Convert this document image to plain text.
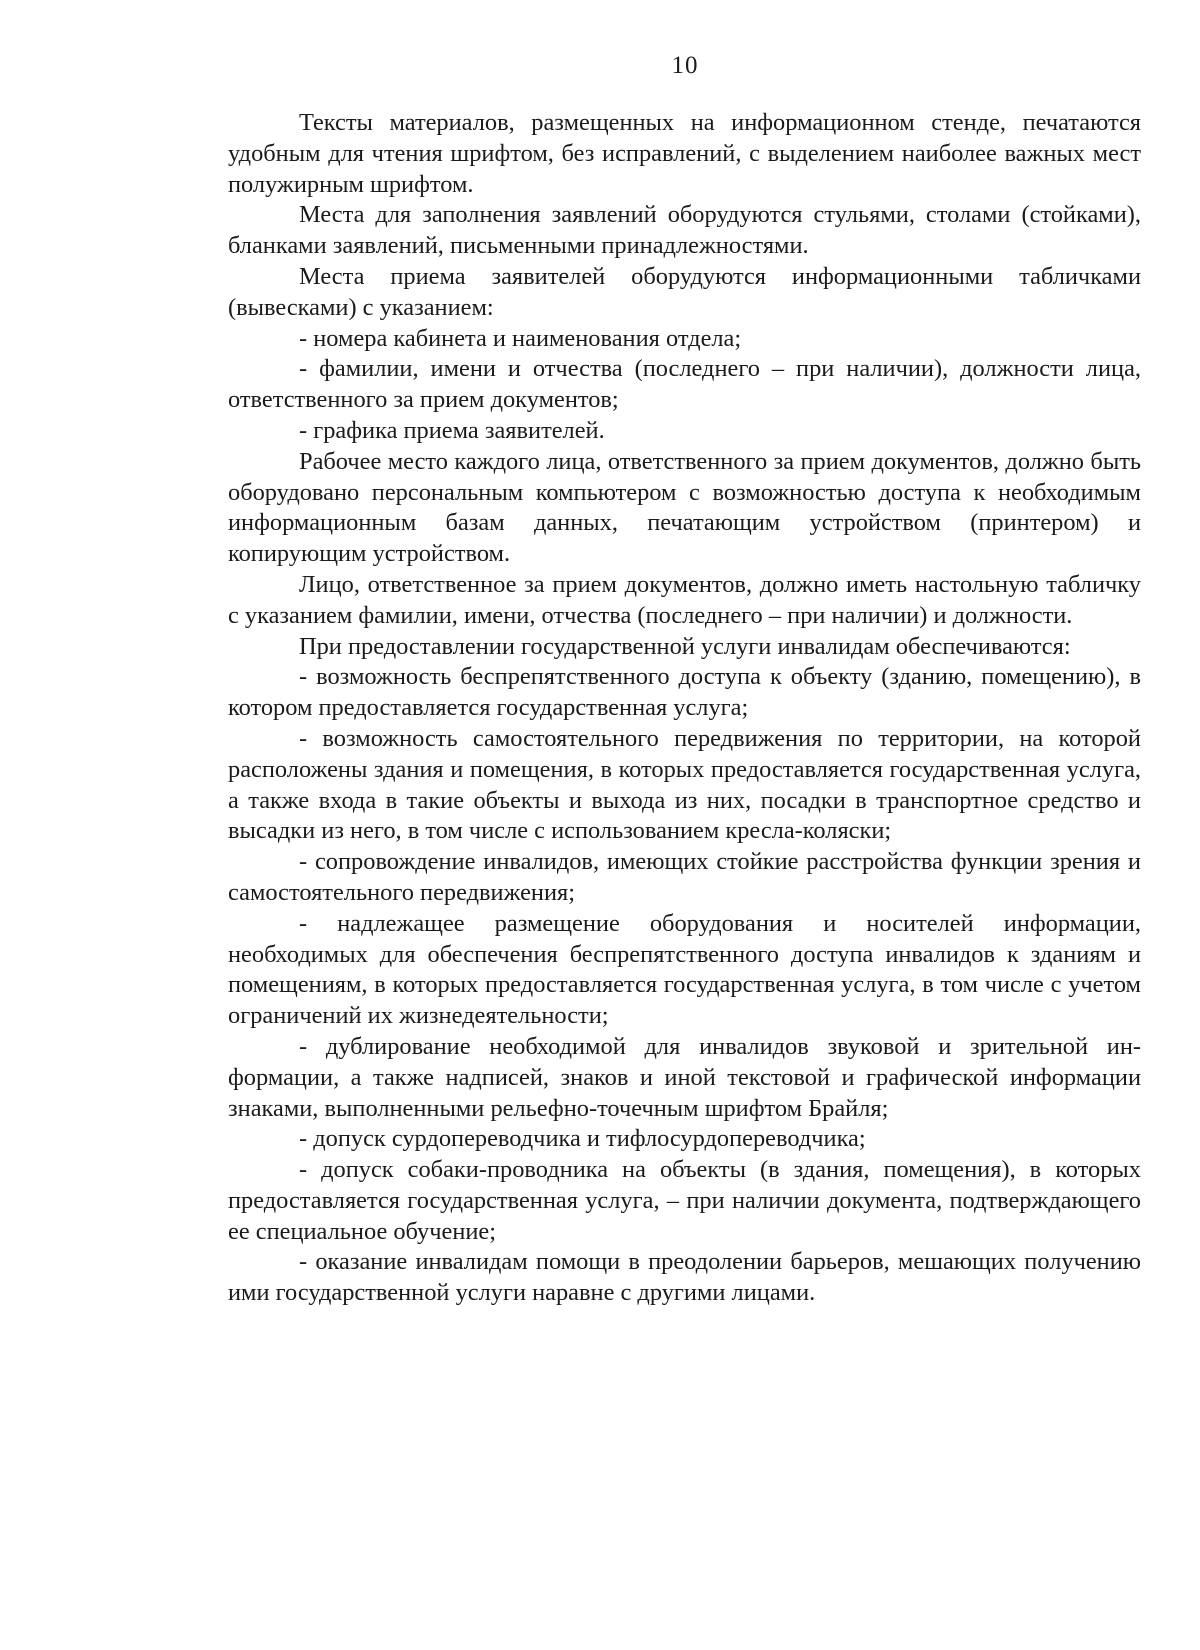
10

Тексты материалов, размещенных на информационном стенде, печатаются удобным для чтения шрифтом, без исправлений, с выделением наиболее важных мест полужирным шрифтом.

Места для заполнения заявлений оборудуются стульями, столами (стойками), бланками заявлений, письменными принадлежностями.

Места приема заявителей оборудуются информационными табличками (вывесками) с указанием:

- номера кабинета и наименования отдела;

- фамилии, имени и отчества (последнего – при наличии), должности лица, ответственного за прием документов;

- графика приема заявителей.

Рабочее место каждого лица, ответственного за прием документов, должно быть оборудовано персональным компьютером с возможностью доступа к необходимым информационным базам данных, печатающим устройством (принтером) и копирующим устройством.

Лицо, ответственное за прием документов, должно иметь настольную табличку с указанием фамилии, имени, отчества (последнего – при наличии) и должности.

При предоставлении государственной услуги инвалидам обеспечиваются:

- возможность беспрепятственного доступа к объекту (зданию, помещению), в котором предоставляется государственная услуга;

- возможность самостоятельного передвижения по территории, на которой расположены здания и помещения, в которых предоставляется государственная услуга, а также входа в такие объекты и выхода из них, посадки в транспортное средство и высадки из него, в том числе с использованием кресла-коляски;

- сопровождение инвалидов, имеющих стойкие расстройства функции зрения и самостоятельного передвижения;

- надлежащее размещение оборудования и носителей информации, необходимых для обеспечения беспрепятственного доступа инвалидов к зданиям и помещениям, в которых предоставляется государственная услуга, в том числе с учетом ограничений их жизнедеятельности;

- дублирование необходимой для инвалидов звуковой и зрительной информации, а также надписей, знаков и иной текстовой и графической информации знаками, выполненными рельефно-точечным шрифтом Брайля;

- допуск сурдопереводчика и тифлосурдопереводчика;

- допуск собаки-проводника на объекты (в здания, помещения), в которых предоставляется государственная услуга, – при наличии документа, подтверждающего ее специальное обучение;

- оказание инвалидам помощи в преодолении барьеров, мешающих получению ими государственной услуги наравне с другими лицами.
